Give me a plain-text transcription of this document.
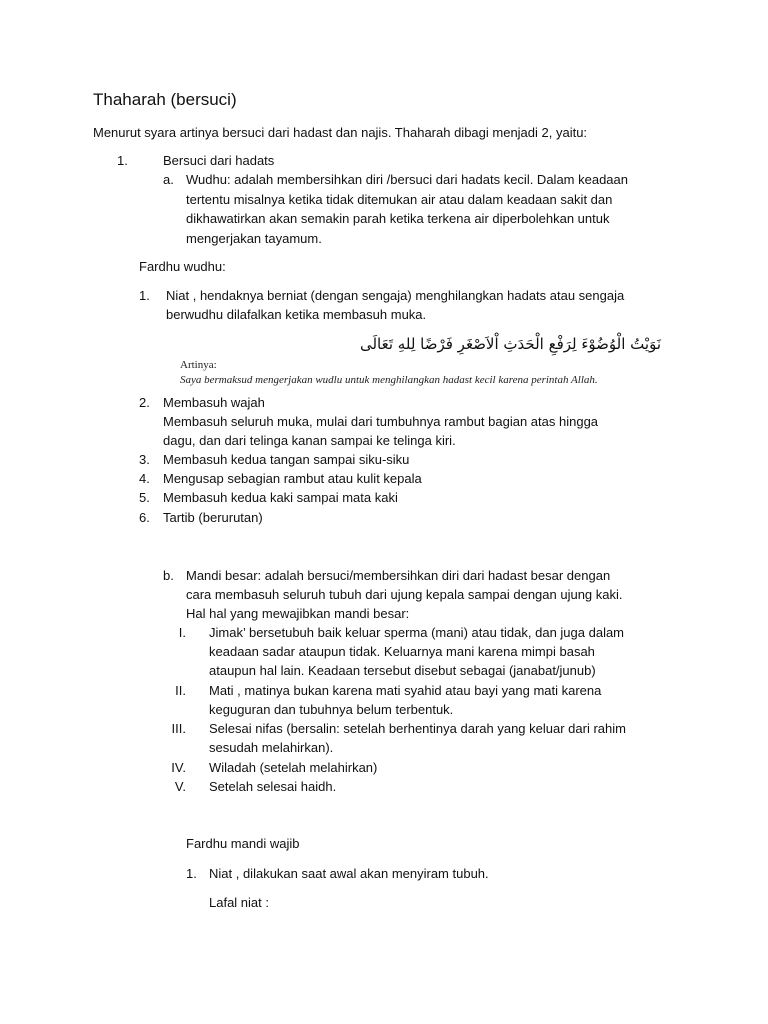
Thaharah (bersuci)
Menurut syara artinya bersuci dari hadast dan najis. Thaharah dibagi menjadi 2, yaitu:
1.	Bersuci dari hadats
a. Wudhu: adalah membersihkan diri /bersuci dari hadats kecil. Dalam keadaan
tertentu misalnya ketika tidak ditemukan air atau dalam keadaan sakit dan
dikhawatirkan akan semakin parah ketika terkena air diperbolehkan untuk
mengerjakan tayamum.
Fardhu wudhu:
1. Niat , hendaknya berniat (dengan sengaja) menghilangkan hadats atau sengaja
berwudhu dilafalkan ketika membasuh muka.
نَوَيْتُ الْوُضُوْءَ لِرَفْعِ الْحَدَثِ اْلاَصْغَرِ فَرْضًا لِلهِ تَعَالَى
Artinya:
Saya bermaksud mengerjakan wudlu untuk menghilangkan hadast kecil karena perintah Allah.
2. Membasuh wajah
Membasuh seluruh muka, mulai dari tumbuhnya rambut bagian atas hingga
dagu, dan dari telinga kanan sampai ke telinga kiri.
3. Membasuh kedua tangan sampai siku-siku
4. Mengusap sebagian rambut atau kulit kepala
5. Membasuh kedua kaki sampai mata kaki
6. Tartib (berurutan)
b. Mandi besar: adalah bersuci/membersihkan diri dari hadast besar dengan
cara membasuh seluruh tubuh dari ujung kepala sampai dengan ujung kaki.
Hal hal yang mewajibkan mandi besar:
I. Jimak’ bersetubuh baik keluar sperma (mani) atau tidak, dan juga dalam
keadaan sadar ataupun tidak. Keluarnya mani karena mimpi basah
ataupun hal lain. Keadaan tersebut disebut sebagai (janabat/junub)
II. Mati , matinya bukan karena mati syahid atau bayi yang mati karena
keguguran dan tubuhnya belum terbentuk.
III. Selesai nifas (bersalin: setelah berhentinya darah yang keluar dari rahim
sesudah melahirkan).
IV. Wiladah (setelah melahirkan)
V. Setelah selesai haidh.
Fardhu mandi wajib
1. Niat , dilakukan saat awal akan menyiram tubuh.
Lafal niat :
